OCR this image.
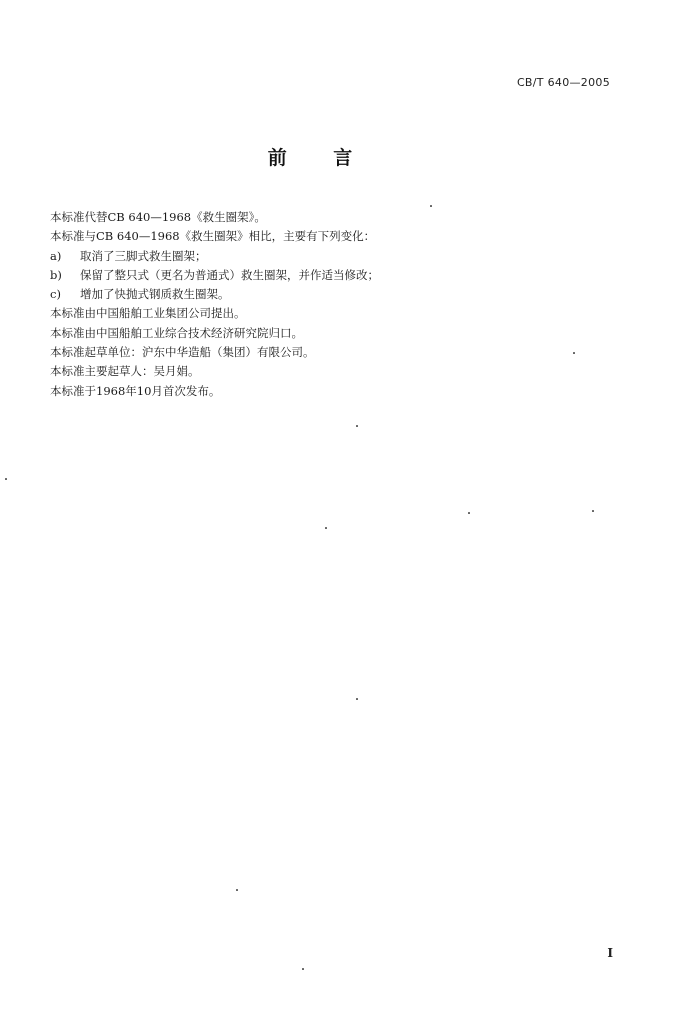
CB/T 640—2005
前 言
本标准代替CB 640—1968《救生圈架》。
本标准与CB 640—1968《救生圈架》相比，主要有下列变化：
a)	取消了三脚式救生圈架；
b)	保留了整只式（更名为普通式）救生圈架，并作适当修改；
c)	增加了快抛式钢质救生圈架。
本标准由中国船舶工业集团公司提出。
本标准由中国船舶工业综合技术经济研究院归口。
本标准起草单位：沪东中华造船（集团）有限公司。
本标准主要起草人：吴月娟。
本标准于1968年10月首次发布。
I
